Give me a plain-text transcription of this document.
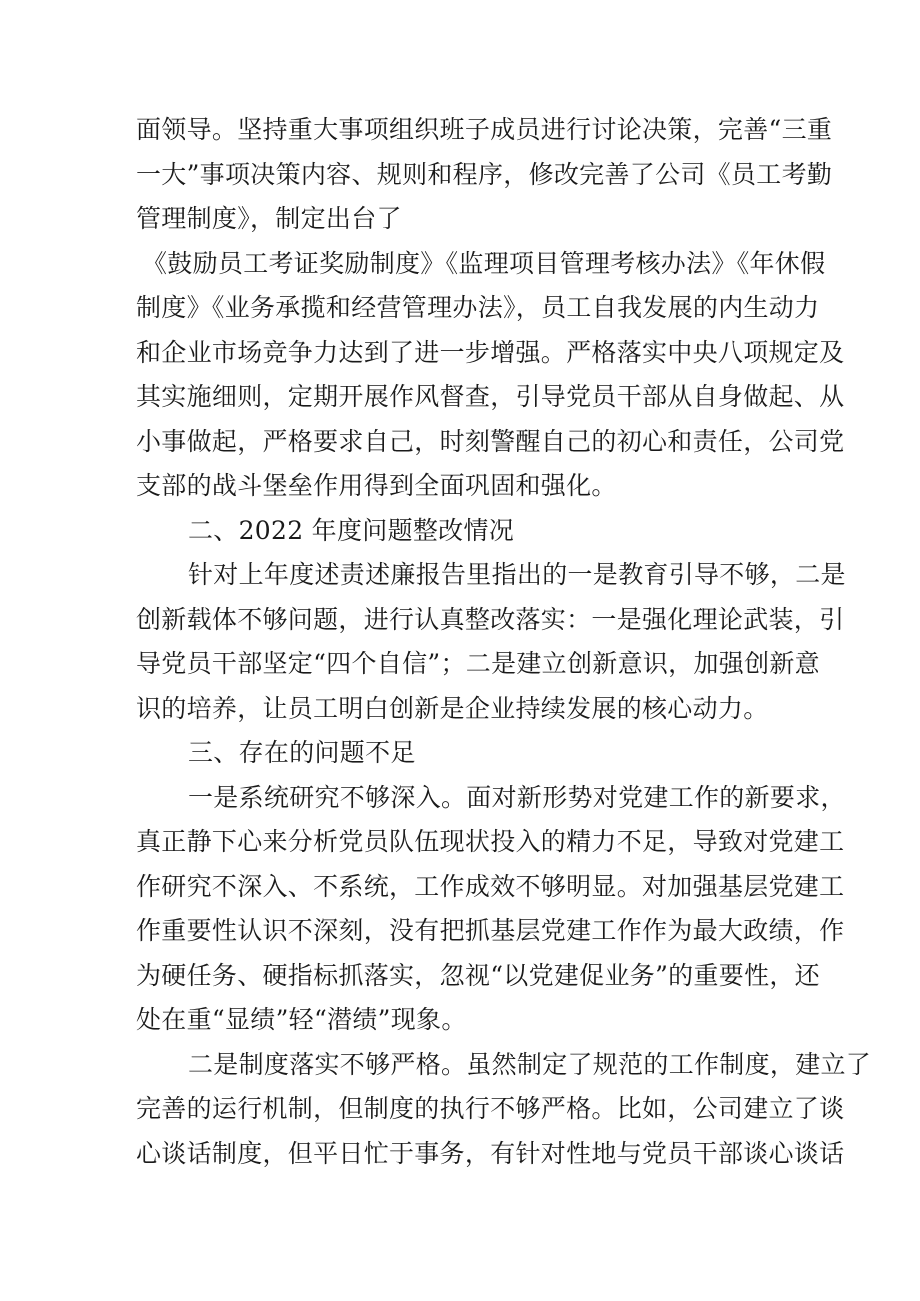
面领导。坚持重大事项组织班子成员进行讨论决策，完善“三重
一大”事项决策内容、规则和程序，修改完善了公司《员工考勤
管理制度》，制定出台了
《鼓励员工考证奖励制度》《监理项目管理考核办法》《年休假
制度》《业务承揽和经营管理办法》，员工自我发展的内生动力
和企业市场竞争力达到了进一步增强。严格落实中央八项规定及
其实施细则，定期开展作风督查，引导党员干部从自身做起、从
小事做起，严格要求自己，时刻警醒自己的初心和责任，公司党
支部的战斗堡垒作用得到全面巩固和强化。
二、2022 年度问题整改情况
针对上年度述责述廉报告里指出的一是教育引导不够，二是
创新载体不够问题，进行认真整改落实：一是强化理论武装，引
导党员干部坚定“四个自信”；二是建立创新意识，加强创新意
识的培养，让员工明白创新是企业持续发展的核心动力。
三、存在的问题不足
一是系统研究不够深入。面对新形势对党建工作的新要求，
真正静下心来分析党员队伍现状投入的精力不足，导致对党建工
作研究不深入、不系统，工作成效不够明显。对加强基层党建工
作重要性认识不深刻，没有把抓基层党建工作作为最大政绩，作
为硬任务、硬指标抓落实，忽视“以党建促业务”的重要性，还
处在重“显绩”轻“潜绩”现象。
二是制度落实不够严格。虽然制定了规范的工作制度，建立了
完善的运行机制，但制度的执行不够严格。比如，公司建立了谈
心谈话制度，但平日忙于事务，有针对性地与党员干部谈心谈话
